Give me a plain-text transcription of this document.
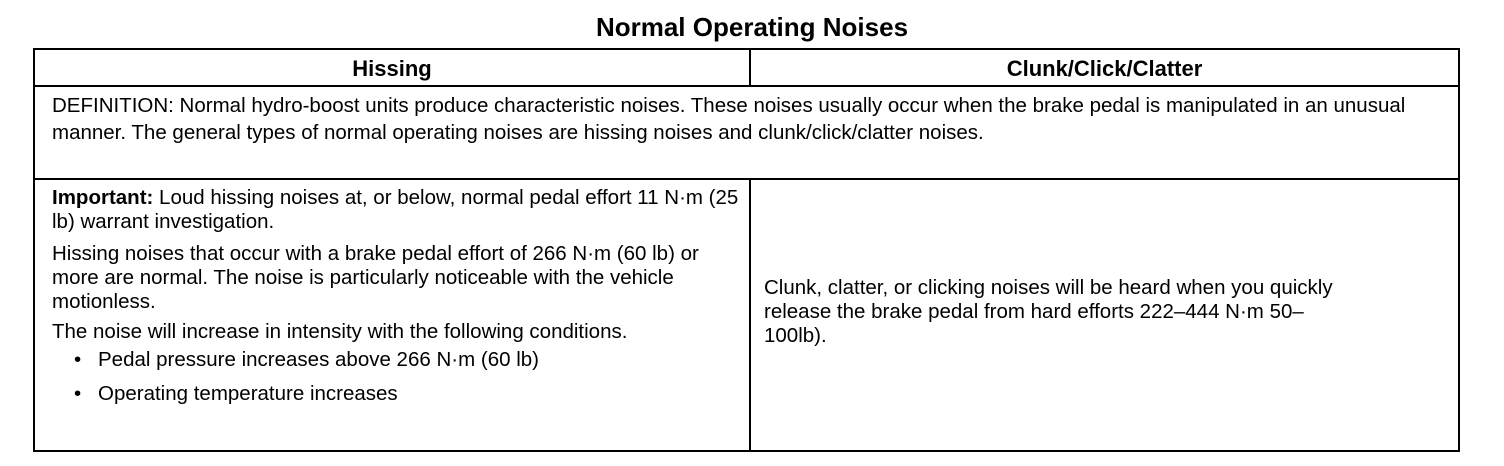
Normal Operating Noises
Hissing	Clunk/Click/Clatter
DEFINITION: Normal hydro-boost units produce characteristic noises. These noises usually occur when the brake pedal is manipulated in an unusual manner. The general types of normal operating noises are hissing noises and clunk/click/clatter noises.

Important: Loud hissing noises at, or below, normal pedal effort 11 N·m (25 lb) warrant investigation.

Hissing noises that occur with a brake pedal effort of 266 N·m (60 lb) or more are normal. The noise is particularly noticeable with the vehicle motionless.

The noise will increase in intensity with the following conditions.

• Pedal pressure increases above 266 N·m (60 lb)
• Operating temperature increases
Clunk, clatter, or clicking noises will be heard when you quickly release the brake pedal from hard efforts 222–444 N·m 50–100lb).
